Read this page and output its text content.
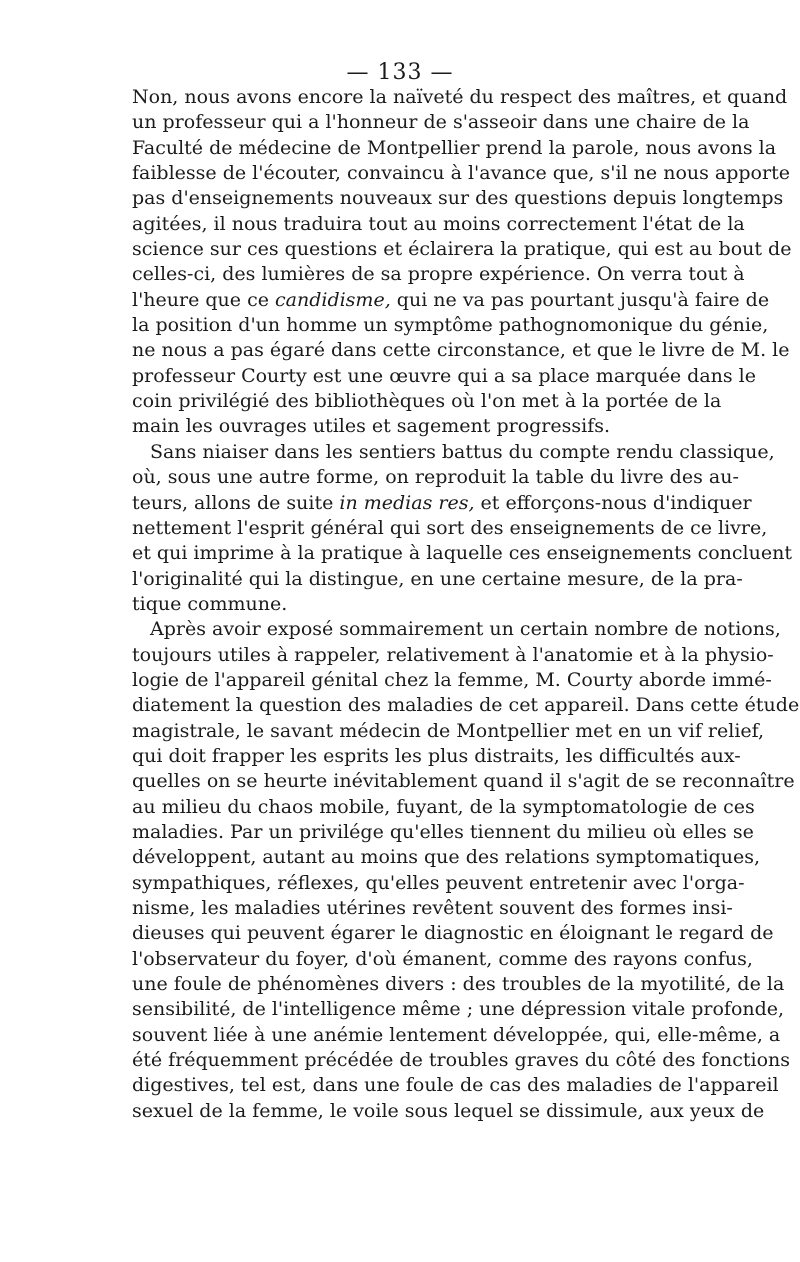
— 133 —
Non, nous avons encore la naïveté du respect des maîtres, et quand
un professeur qui a l'honneur de s'asseoir dans une chaire de la
Faculté de médecine de Montpellier prend la parole, nous avons la
faiblesse de l'écouter, convaincu à l'avance que, s'il ne nous apporte
pas d'enseignements nouveaux sur des questions depuis longtemps
agitées, il nous traduira tout au moins correctement l'état de la
science sur ces questions et éclairera la pratique, qui est au bout de
celles-ci, des lumières de sa propre expérience. On verra tout à
l'heure que ce candidisme, qui ne va pas pourtant jusqu'à faire de
la position d'un homme un symptôme pathognomonique du génie,
ne nous a pas égaré dans cette circonstance, et que le livre de M. le
professeur Courty est une œuvre qui a sa place marquée dans le
coin privilégié des bibliothèques où l'on met à la portée de la
main les ouvrages utiles et sagement progressifs.
Sans niaiser dans les sentiers battus du compte rendu classique,
où, sous une autre forme, on reproduit la table du livre des au-
teurs, allons de suite in medias res, et efforçons-nous d'indiquer
nettement l'esprit général qui sort des enseignements de ce livre,
et qui imprime à la pratique à laquelle ces enseignements concluent
l'originalité qui la distingue, en une certaine mesure, de la pra-
tique commune.
Après avoir exposé sommairement un certain nombre de notions,
toujours utiles à rappeler, relativement à l'anatomie et à la physio-
logie de l'appareil génital chez la femme, M. Courty aborde immé-
diatement la question des maladies de cet appareil. Dans cette étude
magistrale, le savant médecin de Montpellier met en un vif relief,
qui doit frapper les esprits les plus distraits, les difficultés aux-
quelles on se heurte inévitablement quand il s'agit de se reconnaître
au milieu du chaos mobile, fuyant, de la symptomatologie de ces
maladies. Par un privilége qu'elles tiennent du milieu où elles se
développent, autant au moins que des relations symptomatiques,
sympathiques, réflexes, qu'elles peuvent entretenir avec l'orga-
nisme, les maladies utérines revêtent souvent des formes insi-
dieuses qui peuvent égarer le diagnostic en éloignant le regard de
l'observateur du foyer, d'où émanent, comme des rayons confus,
une foule de phénomènes divers : des troubles de la myotilité, de la
sensibilité, de l'intelligence même ; une dépression vitale profonde,
souvent liée à une anémie lentement développée, qui, elle-même, a
été fréquemment précédée de troubles graves du côté des fonctions
digestives, tel est, dans une foule de cas des maladies de l'appareil
sexuel de la femme, le voile sous lequel se dissimule, aux yeux de
